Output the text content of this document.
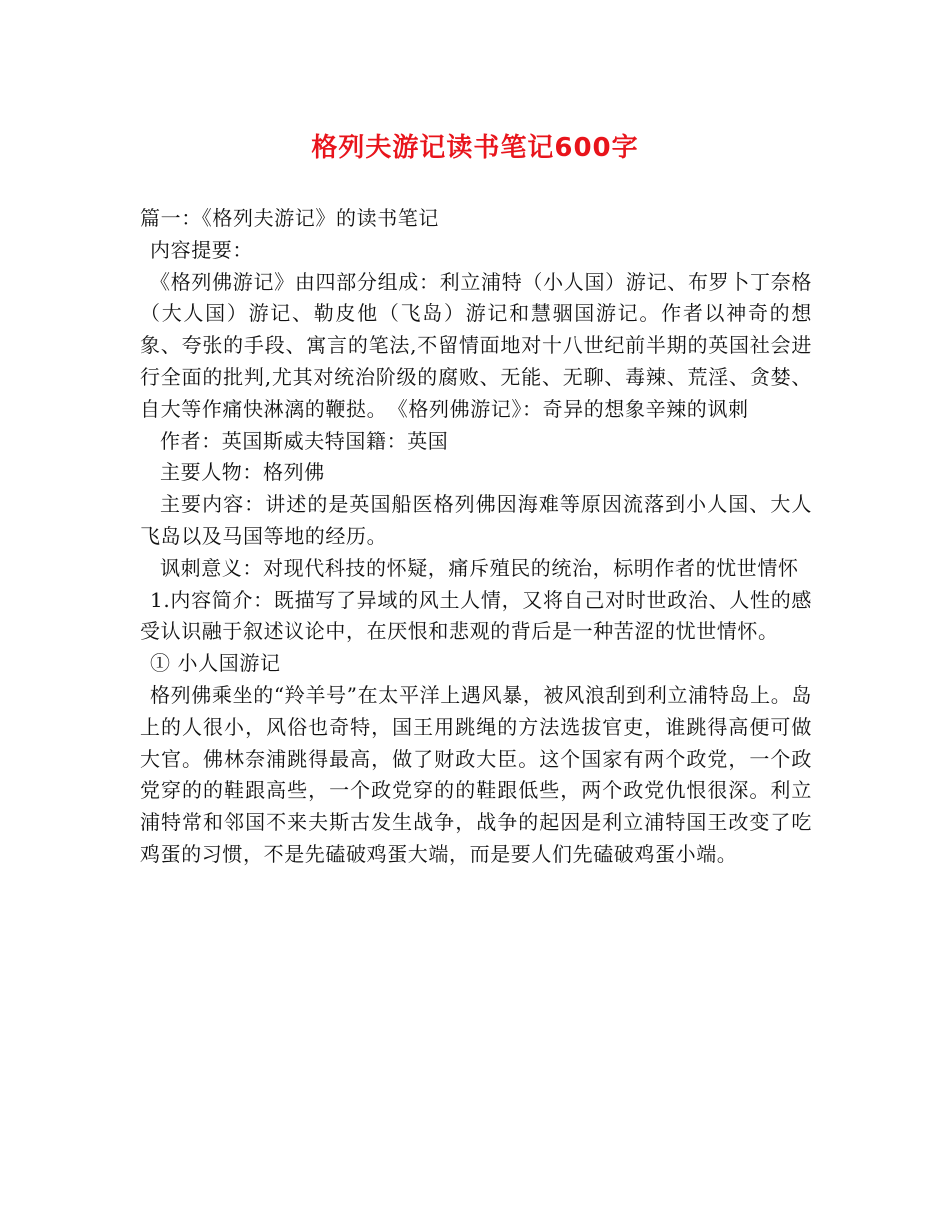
格列夫游记读书笔记600字

篇一：《格列夫游记》的读书笔记

内容提要：

《格列佛游记》由四部分组成：利立浦特（小人国）游记、布罗卜丁奈格（大人国）游记、勒皮他（飞岛）游记和慧骃国游记。作者以神奇的想象、夸张的手段、寓言的笔法,不留情面地对十八世纪前半期的英国社会进行全面的批判,尤其对统治阶级的腐败、无能、无聊、毒辣、荒淫、贪婪、自大等作痛快淋漓的鞭挞。　《格列佛游记》：奇异的想象辛辣的讽刺

作者：英国斯威夫特国籍：英国

主要人物：格列佛

主要内容：讲述的是英国船医格列佛因海难等原因流落到小人国、大人飞岛以及马国等地的经历。

讽刺意义：对现代科技的怀疑，痛斥殖民的统治，标明作者的忧世情怀

1.内容简介：既描写了异域的风土人情，又将自己对时世政治、人性的感受认识融于叙述议论中，在厌恨和悲观的背后是一种苦涩的忧世情怀。

① 小人国游记

格列佛乘坐的“羚羊号”在太平洋上遇风暴，被风浪刮到利立浦特岛上。岛上的人很小，风俗也奇特，国王用跳绳的方法选拔官吏，谁跳得高便可做大官。佛林奈浦跳得最高，做了财政大臣。这个国家有两个政党，一个政党穿的的鞋跟高些，一个政党穿的的鞋跟低些，两个政党仇恨很深。利立浦特常和邻国不来夫斯古发生战争，战争的起因是利立浦特国王改变了吃鸡蛋的习惯，不是先磕破鸡蛋大端，而是要人们先磕破鸡蛋小端。
